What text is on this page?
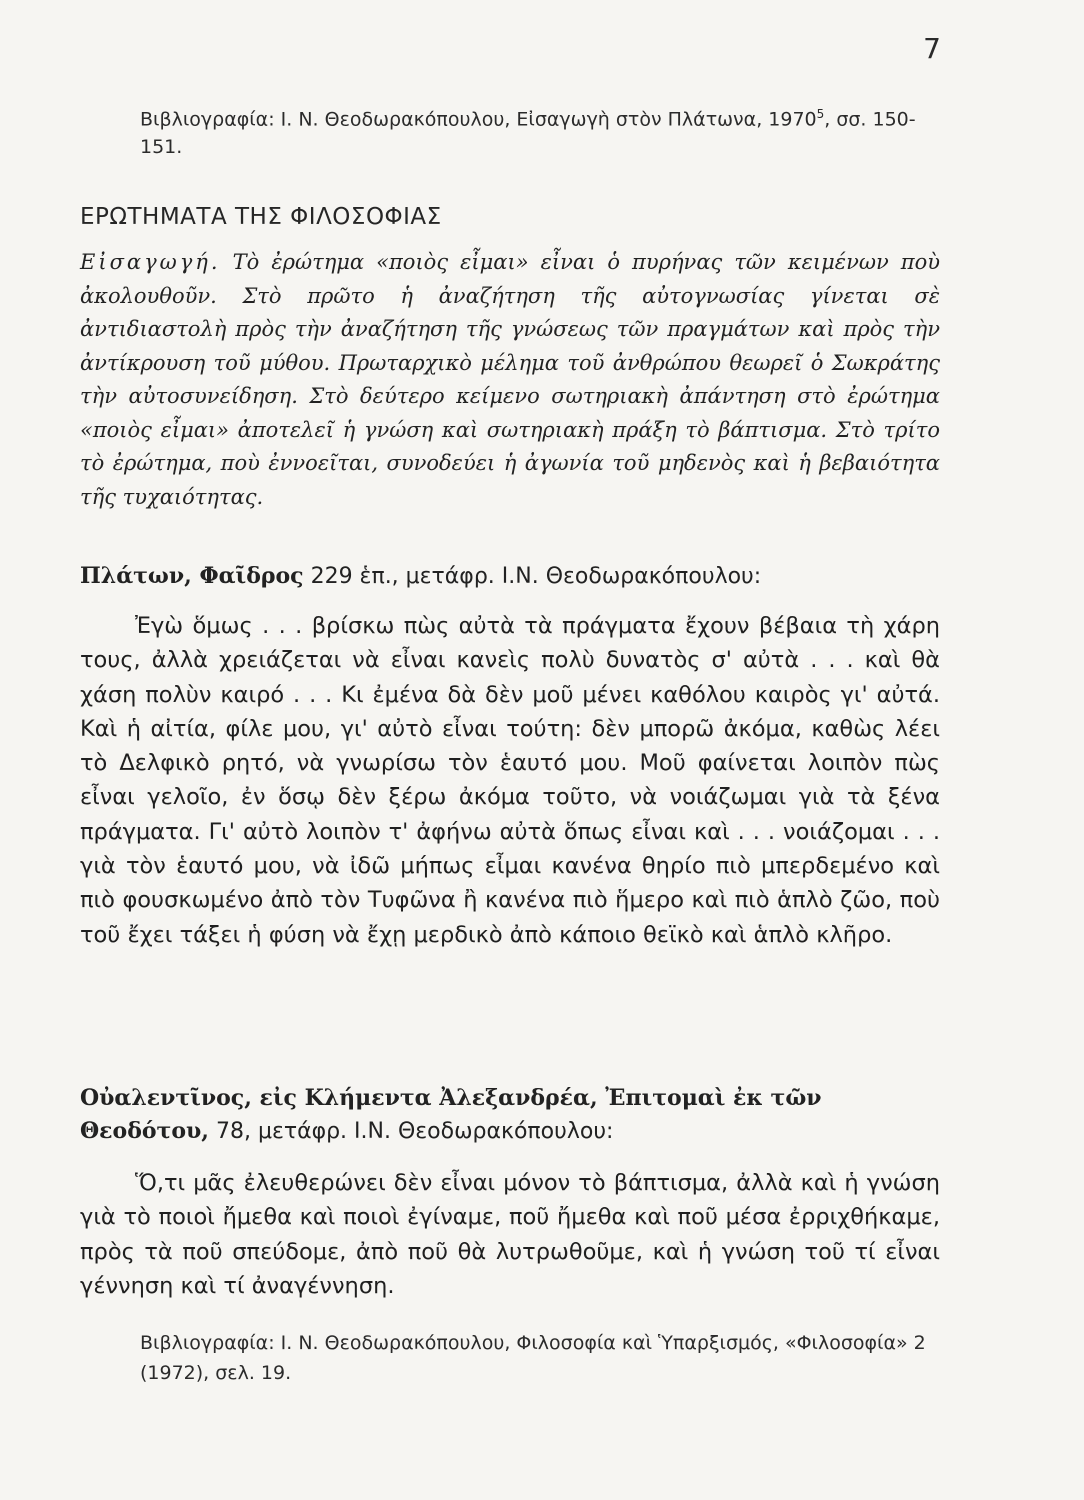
7
Βιβλιογραφία: Ι. Ν. Θεοδωρακόπουλου, Εἰσαγωγὴ στὸν Πλάτωνα, 1970$^5$, σσ. 150-151.
ΕΡΩΤΗΜΑΤΑ ΤΗΣ ΦΙΛΟΣΟΦΙΑΣ
Εἰσαγωγή. Τὸ ἐρώτημα «ποιὸς εἶμαι» εἶναι ὁ πυρήνας τῶν κειμένων ποὺ ἀκολουθοῦν. Στὸ πρῶτο ἡ ἀναζήτηση τῆς αὐτογνωσίας γίνεται σὲ ἀντιδιαστολὴ πρὸς τὴν ἀναζήτηση τῆς γνώσεως τῶν πραγμάτων καὶ πρὸς τὴν ἀντίκρουση τοῦ μύθου. Πρωταρχικὸ μέλημα τοῦ ἀνθρώπου θεωρεῖ ὁ Σωκράτης τὴν αὐτοσυνείδηση. Στὸ δεύτερο κείμενο σωτηριακὴ ἀπάντηση στὸ ἐρώτημα «ποιὸς εἶμαι» ἀποτελεῖ ἡ γνώση καὶ σωτηριακὴ πράξη τὸ βάπτισμα. Στὸ τρίτο τὸ ἐρώτημα, ποὺ ἐννοεῖται, συνοδεύει ἡ ἀγωνία τοῦ μηδενὸς καὶ ἡ βεβαιότητα τῆς τυχαιότητας.
Πλάτων, Φαῖδρος 229 ἑπ., μετάφρ. Ι.Ν. Θεοδωρακόπουλου:

Ἐγὼ ὅμως . . . βρίσκω πὼς αὐτὰ τὰ πράγματα ἔχουν βέβαια τὴ χάρη τους, ἀλλὰ χρειάζεται νὰ εἶναι κανεὶς πολὺ δυνατὸς σ' αὐτὰ . . . καὶ θὰ χάση πολὺν καιρό . . . Κι ἐμένα δὰ δὲν μοῦ μένει καθόλου καιρὸς γι' αὐτά. Καὶ ἡ αἰτία, φίλε μου, γι' αὐτὸ εἶναι τούτη: δὲν μπορῶ ἀκόμα, καθὼς λέει τὸ Δελφικὸ ρητό, νὰ γνωρίσω τὸν ἑαυτό μου. Μοῦ φαίνεται λοιπὸν πὼς εἶναι γελοῖο, ἐν ὅσῳ δὲν ξέρω ἀκόμα τοῦτο, νὰ νοιάζωμαι γιὰ τὰ ξένα πράγματα. Γι' αὐτὸ λοιπὸν τ' ἀφήνω αὐτὰ ὅπως εἶναι καὶ . . . νοιάζομαι . . . γιὰ τὸν ἑαυτό μου, νὰ ἰδῶ μήπως εἶμαι κανένα θηρίο πιὸ μπερδεμένο καὶ πιὸ φουσκωμένο ἀπὸ τὸν Τυφῶνα ἢ κανένα πιὸ ἥμερο καὶ πιὸ ἁπλὸ ζῶο, ποὺ τοῦ ἔχει τάξει ἡ φύση νὰ ἔχῃ μερδικὸ ἀπὸ κάποιο θεϊκὸ καὶ ἁπλὸ κλῆρο.

Οὐαλεντῖνος, εἰς Κλήμεντα Ἀλεξανδρέα, Ἐπιτομαὶ ἐκ τῶν Θεοδότου, 78, μετάφρ. Ι.Ν. Θεοδωρακόπουλου:

Ὅ,τι μᾶς ἐλευθερώνει δὲν εἶναι μόνον τὸ βάπτισμα, ἀλλὰ καὶ ἡ γνώση γιὰ τὸ ποιοὶ ἤμεθα καὶ ποιοὶ ἐγίναμε, ποῦ ἤμεθα καὶ ποῦ μέσα ἐρριχθήκαμε, πρὸς τὰ ποῦ σπεύδομε, ἀπὸ ποῦ θὰ λυτρωθοῦμε, καὶ ἡ γνώση τοῦ τί εἶναι γέννηση καὶ τί ἀναγέννηση.

Βιβλιογραφία: Ι. Ν. Θεοδωρακόπουλου, Φιλοσοφία καὶ Ὑπαρξισμός, «Φιλοσοφία» 2 (1972), σελ. 19.
